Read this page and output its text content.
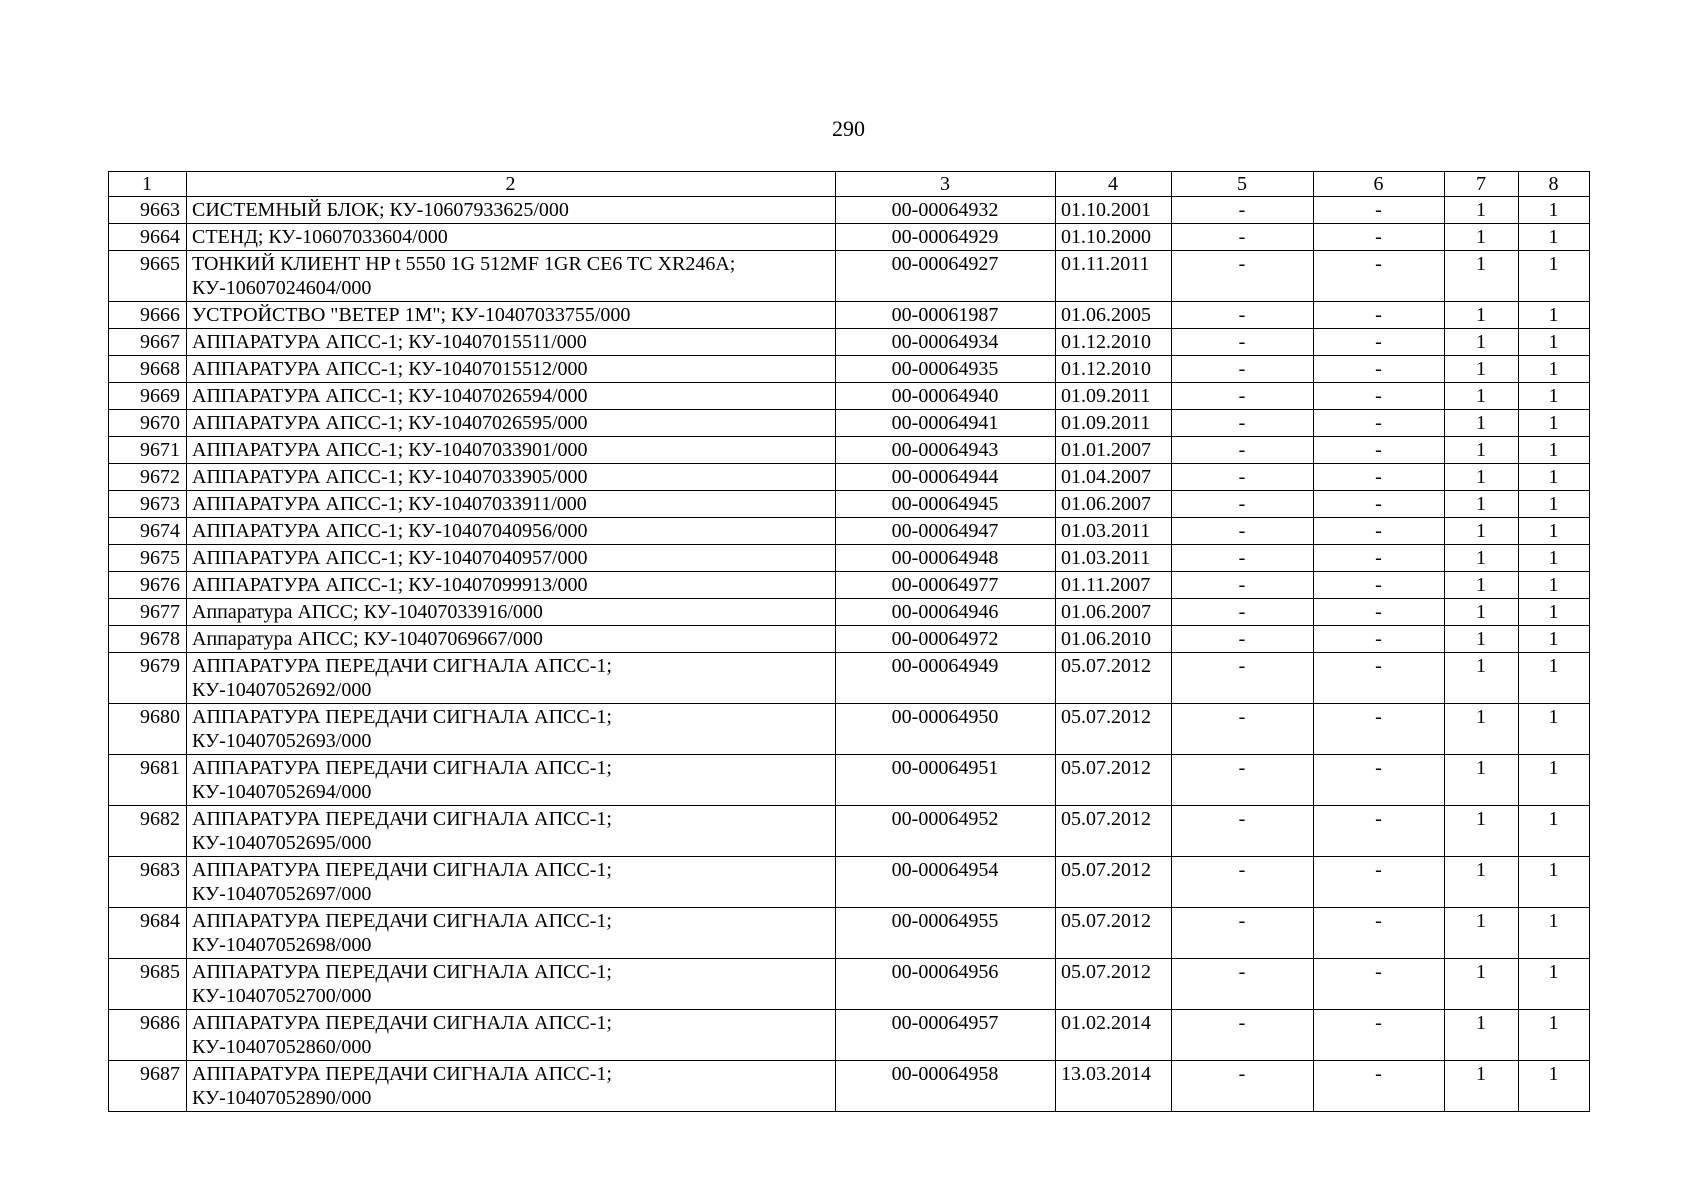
290
1	2	3	4	5	6	7	8
9663	СИСТЕМНЫЙ БЛОК; КУ-10607933625/000	00-00064932	01.10.2001	-	-	1	1
9664	СТЕНД; КУ-10607033604/000	00-00064929	01.10.2000	-	-	1	1
9665	ТОНКИЙ КЛИЕНТ HP t 5550 1G 512MF 1GR CE6 TC XR246A;
КУ-10607024604/000	00-00064927	01.11.2011	-	-	1	1
9666	УСТРОЙСТВО "ВЕТЕР 1М"; КУ-10407033755/000	00-00061987	01.06.2005	-	-	1	1
9667	АППАРАТУРА АПСС-1; КУ-10407015511/000	00-00064934	01.12.2010	-	-	1	1
9668	АППАРАТУРА АПСС-1; КУ-10407015512/000	00-00064935	01.12.2010	-	-	1	1
9669	АППАРАТУРА АПСС-1; КУ-10407026594/000	00-00064940	01.09.2011	-	-	1	1
9670	АППАРАТУРА АПСС-1; КУ-10407026595/000	00-00064941	01.09.2011	-	-	1	1
9671	АППАРАТУРА АПСС-1; КУ-10407033901/000	00-00064943	01.01.2007	-	-	1	1
9672	АППАРАТУРА АПСС-1; КУ-10407033905/000	00-00064944	01.04.2007	-	-	1	1
9673	АППАРАТУРА АПСС-1; КУ-10407033911/000	00-00064945	01.06.2007	-	-	1	1
9674	АППАРАТУРА АПСС-1; КУ-10407040956/000	00-00064947	01.03.2011	-	-	1	1
9675	АППАРАТУРА АПСС-1; КУ-10407040957/000	00-00064948	01.03.2011	-	-	1	1
9676	АППАРАТУРА АПСС-1; КУ-10407099913/000	00-00064977	01.11.2007	-	-	1	1
9677	Аппаратура АПСС; КУ-10407033916/000	00-00064946	01.06.2007	-	-	1	1
9678	Аппаратура АПСС; КУ-10407069667/000	00-00064972	01.06.2010	-	-	1	1
9679	АППАРАТУРА ПЕРЕДАЧИ СИГНАЛА АПСС-1;
КУ-10407052692/000	00-00064949	05.07.2012	-	-	1	1
9680	АППАРАТУРА ПЕРЕДАЧИ СИГНАЛА АПСС-1;
КУ-10407052693/000	00-00064950	05.07.2012	-	-	1	1
9681	АППАРАТУРА ПЕРЕДАЧИ СИГНАЛА АПСС-1;
КУ-10407052694/000	00-00064951	05.07.2012	-	-	1	1
9682	АППАРАТУРА ПЕРЕДАЧИ СИГНАЛА АПСС-1;
КУ-10407052695/000	00-00064952	05.07.2012	-	-	1	1
9683	АППАРАТУРА ПЕРЕДАЧИ СИГНАЛА АПСС-1;
КУ-10407052697/000	00-00064954	05.07.2012	-	-	1	1
9684	АППАРАТУРА ПЕРЕДАЧИ СИГНАЛА АПСС-1;
КУ-10407052698/000	00-00064955	05.07.2012	-	-	1	1
9685	АППАРАТУРА ПЕРЕДАЧИ СИГНАЛА АПСС-1;
КУ-10407052700/000	00-00064956	05.07.2012	-	-	1	1
9686	АППАРАТУРА ПЕРЕДАЧИ СИГНАЛА АПСС-1;
КУ-10407052860/000	00-00064957	01.02.2014	-	-	1	1
9687	АППАРАТУРА ПЕРЕДАЧИ СИГНАЛА АПСС-1;
КУ-10407052890/000	00-00064958	13.03.2014	-	-	1	1
